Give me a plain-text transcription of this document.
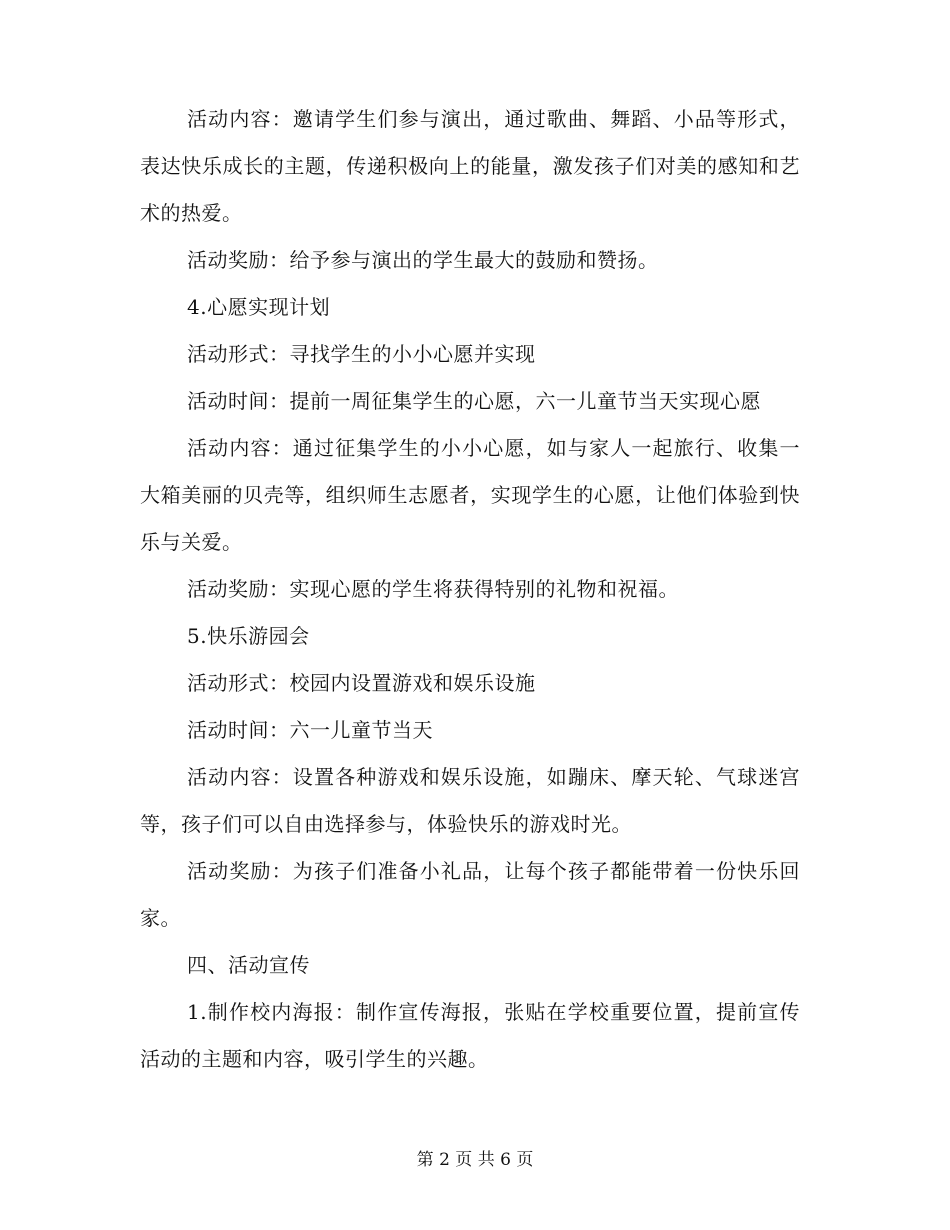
活动内容：邀请学生们参与演出，通过歌曲、舞蹈、小品等形式，表达快乐成长的主题，传递积极向上的能量，激发孩子们对美的感知和艺术的热爱。

活动奖励：给予参与演出的学生最大的鼓励和赞扬。

4.心愿实现计划

活动形式：寻找学生的小小心愿并实现

活动时间：提前一周征集学生的心愿，六一儿童节当天实现心愿

活动内容：通过征集学生的小小心愿，如与家人一起旅行、收集一大箱美丽的贝壳等，组织师生志愿者，实现学生的心愿，让他们体验到快乐与关爱。

活动奖励：实现心愿的学生将获得特别的礼物和祝福。

5.快乐游园会

活动形式：校园内设置游戏和娱乐设施

活动时间：六一儿童节当天

活动内容：设置各种游戏和娱乐设施，如蹦床、摩天轮、气球迷宫等，孩子们可以自由选择参与，体验快乐的游戏时光。

活动奖励：为孩子们准备小礼品，让每个孩子都能带着一份快乐回家。

四、活动宣传

1.制作校内海报：制作宣传海报，张贴在学校重要位置，提前宣传活动的主题和内容，吸引学生的兴趣。

第 2 页 共 6 页
